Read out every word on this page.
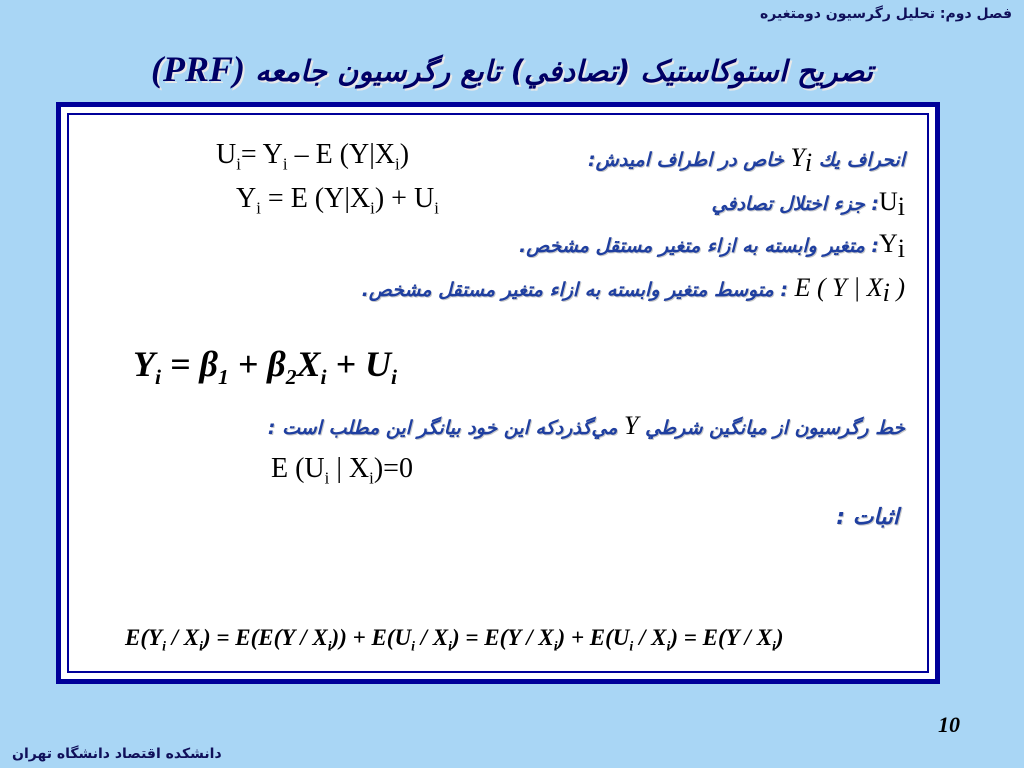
فصل دوم: تحلیل رگرسیون دومتغیره
(PRF) تصریح استوکاستیک (تصادفي) تابع رگرسیون جامعه
$U_i= Y_i - E$ $(Y|X_i)$	انحراف یك $Y_i$ خاص در اطراف امیدش:
$Y_i = E$ $(Y|X_i) + U_i$	$U_i$: جزء اختلال تصادفي
$Y_i$: متغیر وابسته به ازاء متغیر مستقل مشخص.
E ( Y | $X_i$ ) : متوسط متغیر وابسته به ازاء متغیر مستقل مشخص.
$Y_i = \beta_1 + \beta_2X_i + U_i$
خط رگرسیون از میانگین شرطي Y مي‌گذردکه این خود بیانگر این مطلب است :
E ($U_i$ | $X_i)=0$
اثبات :
$E(Y_i / X_i) = E(E(Y / X_i)) + E(U_i / X_i) = E(Y / X_i) + E(U_i / X_i) = E(Y / X_i)$
10
دانشکده اقتصاد دانشگاه تهران
